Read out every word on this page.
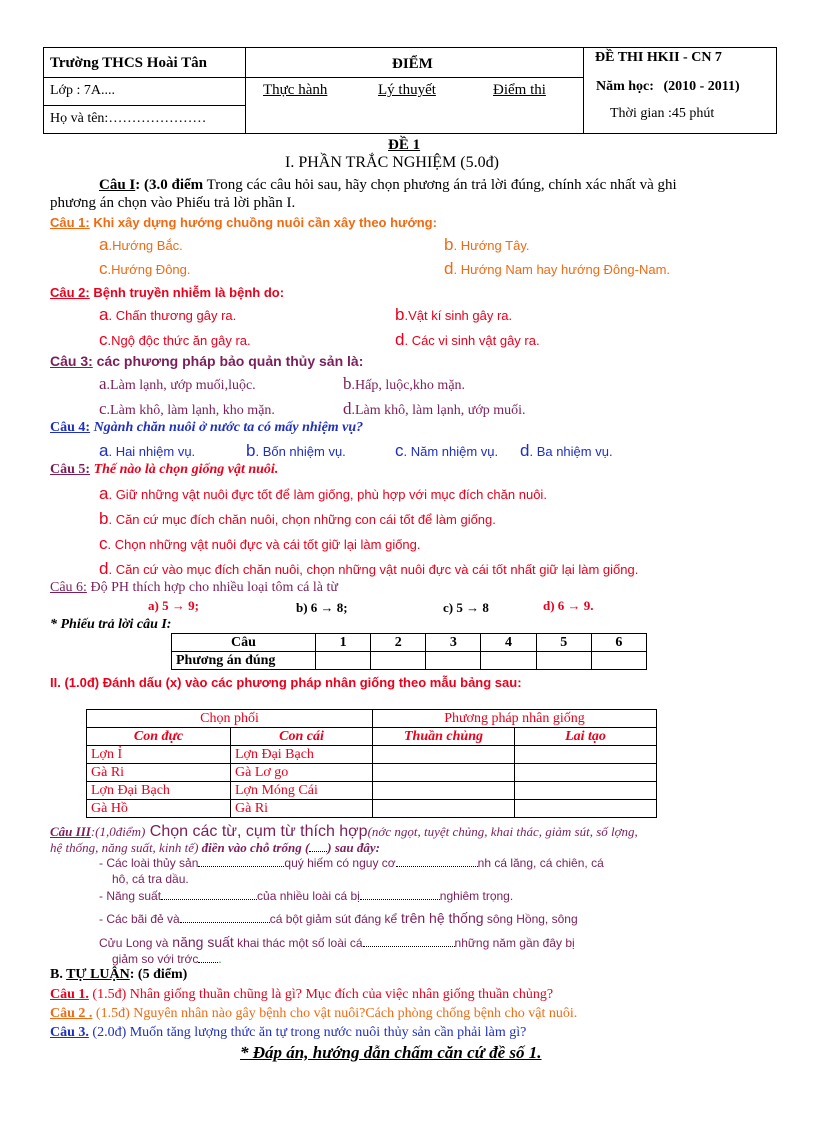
Trường THCS Hoài Tân
Lớp : 7A....
Họ và tên:…………………
ĐIỂM
Thực hành	Lý thuyết	Điểm thi
ĐỀ THI HKII - CN 7
Năm học: (2010 - 2011)
Thời gian :45 phút
ĐỀ 1
I. PHẦN TRẮC NGHIỆM (5.0đ)
Câu I: (3.0 điểm Trong các câu hỏi sau, hãy chọn phương án trả lời đúng, chính xác nhất và ghi
phương án chọn vào Phiếu trả lời phần I.
Câu 1: Khi xây dựng hướng chuồng nuôi cần xây theo hướng:
a.Hướng Bắc.	b. Hướng Tây.
c.Hướng Đông.	d. Hướng Nam hay hướng Đông-Nam.
Câu 2: Bệnh truyền nhiễm là bệnh do:
a. Chấn thương gây ra.	b.Vật kí sinh gây ra.
c.Ngộ độc thức ăn gây ra.	d. Các vi sinh vật gây ra.
Câu 3: các phương pháp bảo quản thủy sản là:
a.Làm lạnh, ướp muối,luộc.	b.Hấp, luộc,kho mặn.
c.Làm khô, làm lạnh, kho mặn.	d.Làm khô, làm lạnh, ướp muối.
Câu 4: Ngành chăn nuôi ở nước ta có mấy nhiệm vụ?
a. Hai nhiệm vụ.	b. Bốn nhiệm vụ.	c. Năm nhiệm vụ. d. Ba nhiệm vụ.
Câu 5: Thế nào là chọn giống vật nuôi.
a. Giữ những vật nuôi đực tốt để làm giống, phù hợp với mục đích chăn nuôi.
b. Căn cứ mục đích chăn nuôi, chọn những con cái tốt để làm giống.
c. Chọn những vật nuôi đực và cái tốt giữ lại làm giống.
d. Căn cứ vào mục đích chăn nuôi, chọn những vật nuôi đực và cái tốt nhất giữ lại làm giống.
Câu 6: Độ PH thích hợp cho nhiều loại tôm cá là từ
a) 5 → 9;	b) 6 → 8;	c) 5 → 8	d) 6 → 9.
* Phiếu trả lời câu I:
Câu	1	2	3	4	5	6
Phương án đúng						
II. (1.0đ) Đánh dấu (x) vào các phương pháp nhân giống theo mẫu bảng sau:
Chọn phối		Phương pháp nhân giống	
Con đực	Con cái	Thuần chủng	Lai tạo
Lợn Ỉ	Lợn Đại Bạch		
Gà Ri	Gà Lơ go		
Lợn Đại Bạch	Lợn Móng Cái		
Gà Hồ	Gà Ri		
Câu III:(1,0điểm) Chọn các từ, cụm từ thích hợp(nớc ngọt, tuyệt chủng, khai thác, giảm sút, số lợng,
hệ thống, năng suất, kinh tế) điền vào chỗ trống ( ) sau đây:
- Các loài thủy sản	quý hiếm có nguy cơ	nh cá lăng, cá chiên, cá
hô, cá tra dầu.
- Năng suất	của nhiều loài cá bị	nghiêm trọng.
- Các bãi đẻ và	cá bột giảm sút đáng kể trên hệ thống sông Hồng, sông
Cửu Long và năng suất khai thác một số loài cá	những năm gần đây bị
giảm so với trớc .
B. TỰ LUẬN: (5 điểm)
Câu 1. (1.5đ) Nhân giống thuần chũng là gì? Mục đích của việc nhân giống thuần chủng?
Câu 2 . (1.5đ) Nguyên nhân nào gây bệnh cho vật nuôi?Cách phòng chống bệnh cho vật nuôi.
Câu 3. (2.0đ) Muốn tăng lượng thức ăn tự trong nước nuôi thủy sản cần phải làm gì?
* Đáp án, hướng dẫn chấm căn cứ đề số 1.
